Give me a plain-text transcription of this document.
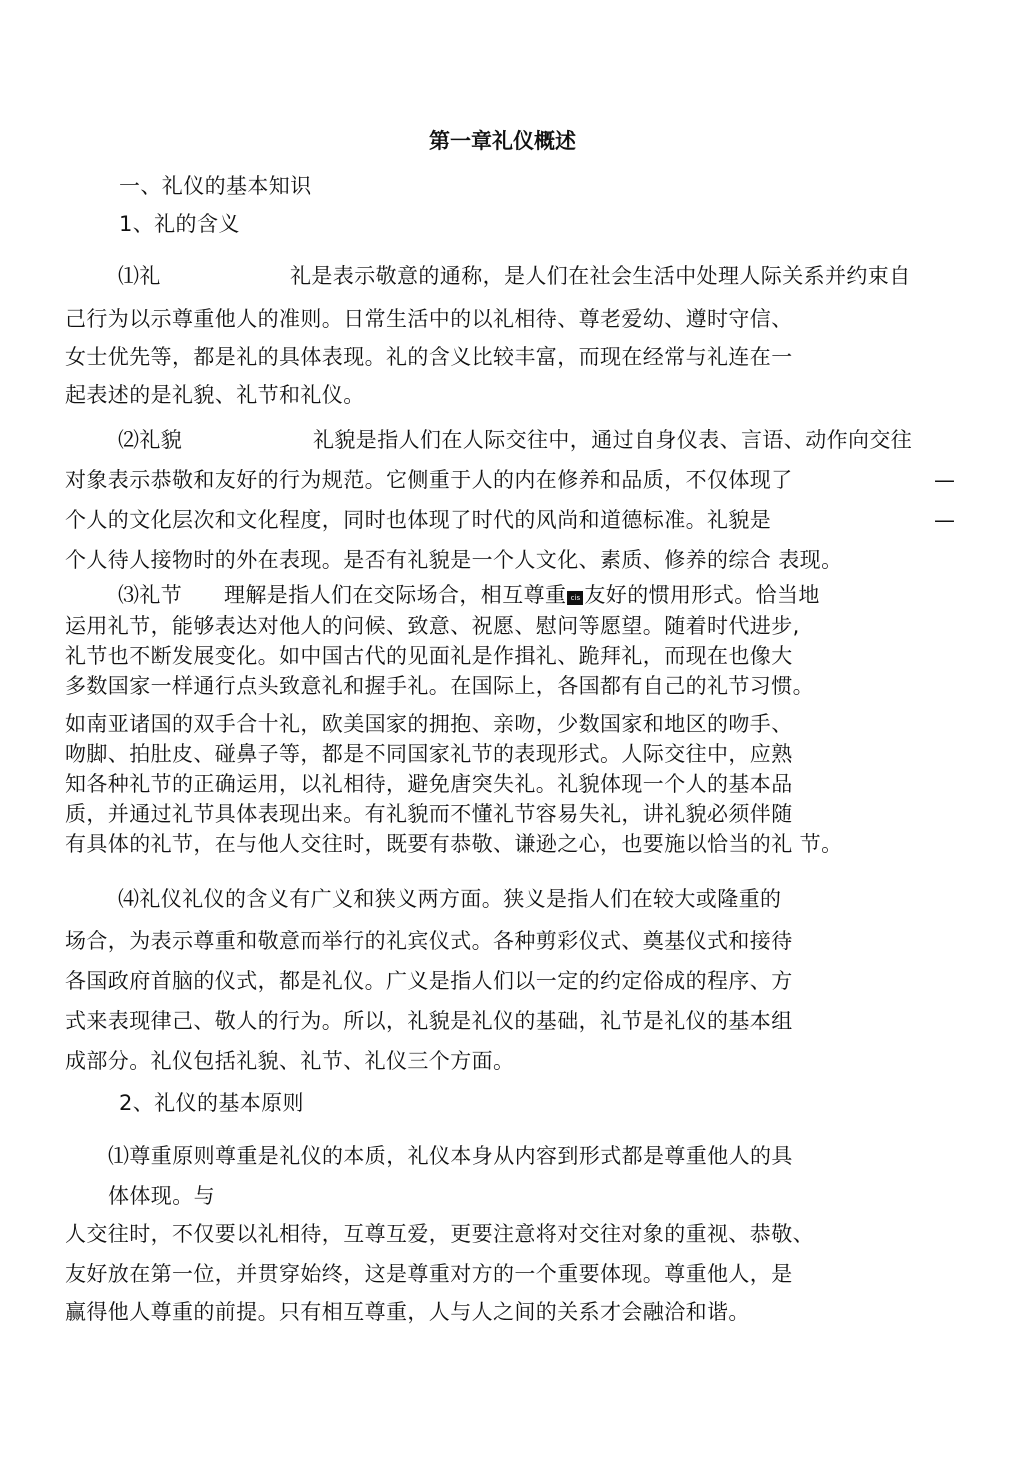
第一章礼仪概述
一、礼仪的基本知识
1、礼的含义
⑴礼	礼是表示敬意的通称，是人们在社会生活中处理人际关系并约束自
己行为以示尊重他人的准则。日常生活中的以礼相待、尊老爱幼、遵时守信、
女士优先等，都是礼的具体表现。礼的含义比较丰富，而现在经常与礼连在一
起表述的是礼貌、礼节和礼仪。
⑵礼貌	礼貌是指人们在人际交往中，通过自身仪表、言语、动作向交往
对象表示恭敬和友好的行为规范。它侧重于人的内在修养和品质，不仅体现了	—
个人的文化层次和文化程度，同时也体现了时代的风尚和道德标准。礼貌是	—
个人待人接物时的外在表现。是否有礼貌是一个人文化、素质、修养的综合 表现。
⑶礼节 理解是指人们在交际场合，相互尊重 cis 友好的惯用形式。恰当地
运用礼节，能够表达对他人的问候、致意、祝愿、慰问等愿望。随着时代进步,
礼节也不断发展变化。如中国古代的见面礼是作揖礼、跪拜礼，而现在也像大
多数国家一样通行点头致意礼和握手礼。在国际上，各国都有自己的礼节习惯。
如南亚诸国的双手合十礼，欧美国家的拥抱、亲吻，少数国家和地区的吻手、
吻脚、拍肚皮、碰鼻子等，都是不同国家礼节的表现形式。人际交往中，应熟
知各种礼节的正确运用，以礼相待，避免唐突失礼。礼貌体现一个人的基本品
质，并通过礼节具体表现出来。有礼貌而不懂礼节容易失礼，讲礼貌必须伴随
有具体的礼节，在与他人交往时，既要有恭敬、谦逊之心，也要施以恰当的礼 节。
⑷礼仪礼仪的含义有广义和狭义两方面。狭义是指人们在较大或隆重的
场合，为表示尊重和敬意而举行的礼宾仪式。各种剪彩仪式、奠基仪式和接待
各国政府首脑的仪式，都是礼仪。广义是指人们以一定的约定俗成的程序、方
式来表现律己、敬人的行为。所以，礼貌是礼仪的基础，礼节是礼仪的基本组
成部分。礼仪包括礼貌、礼节、礼仪三个方面。
2、礼仪的基本原则
⑴尊重原则尊重是礼仪的本质，礼仪本身从内容到形式都是尊重他人的具
体体现。与
人交往时，不仅要以礼相待，互尊互爱，更要注意将对交往对象的重视、恭敬、
友好放在第一位，并贯穿始终，这是尊重对方的一个重要体现。尊重他人，是
赢得他人尊重的前提。只有相互尊重，人与人之间的关系才会融洽和谐。
